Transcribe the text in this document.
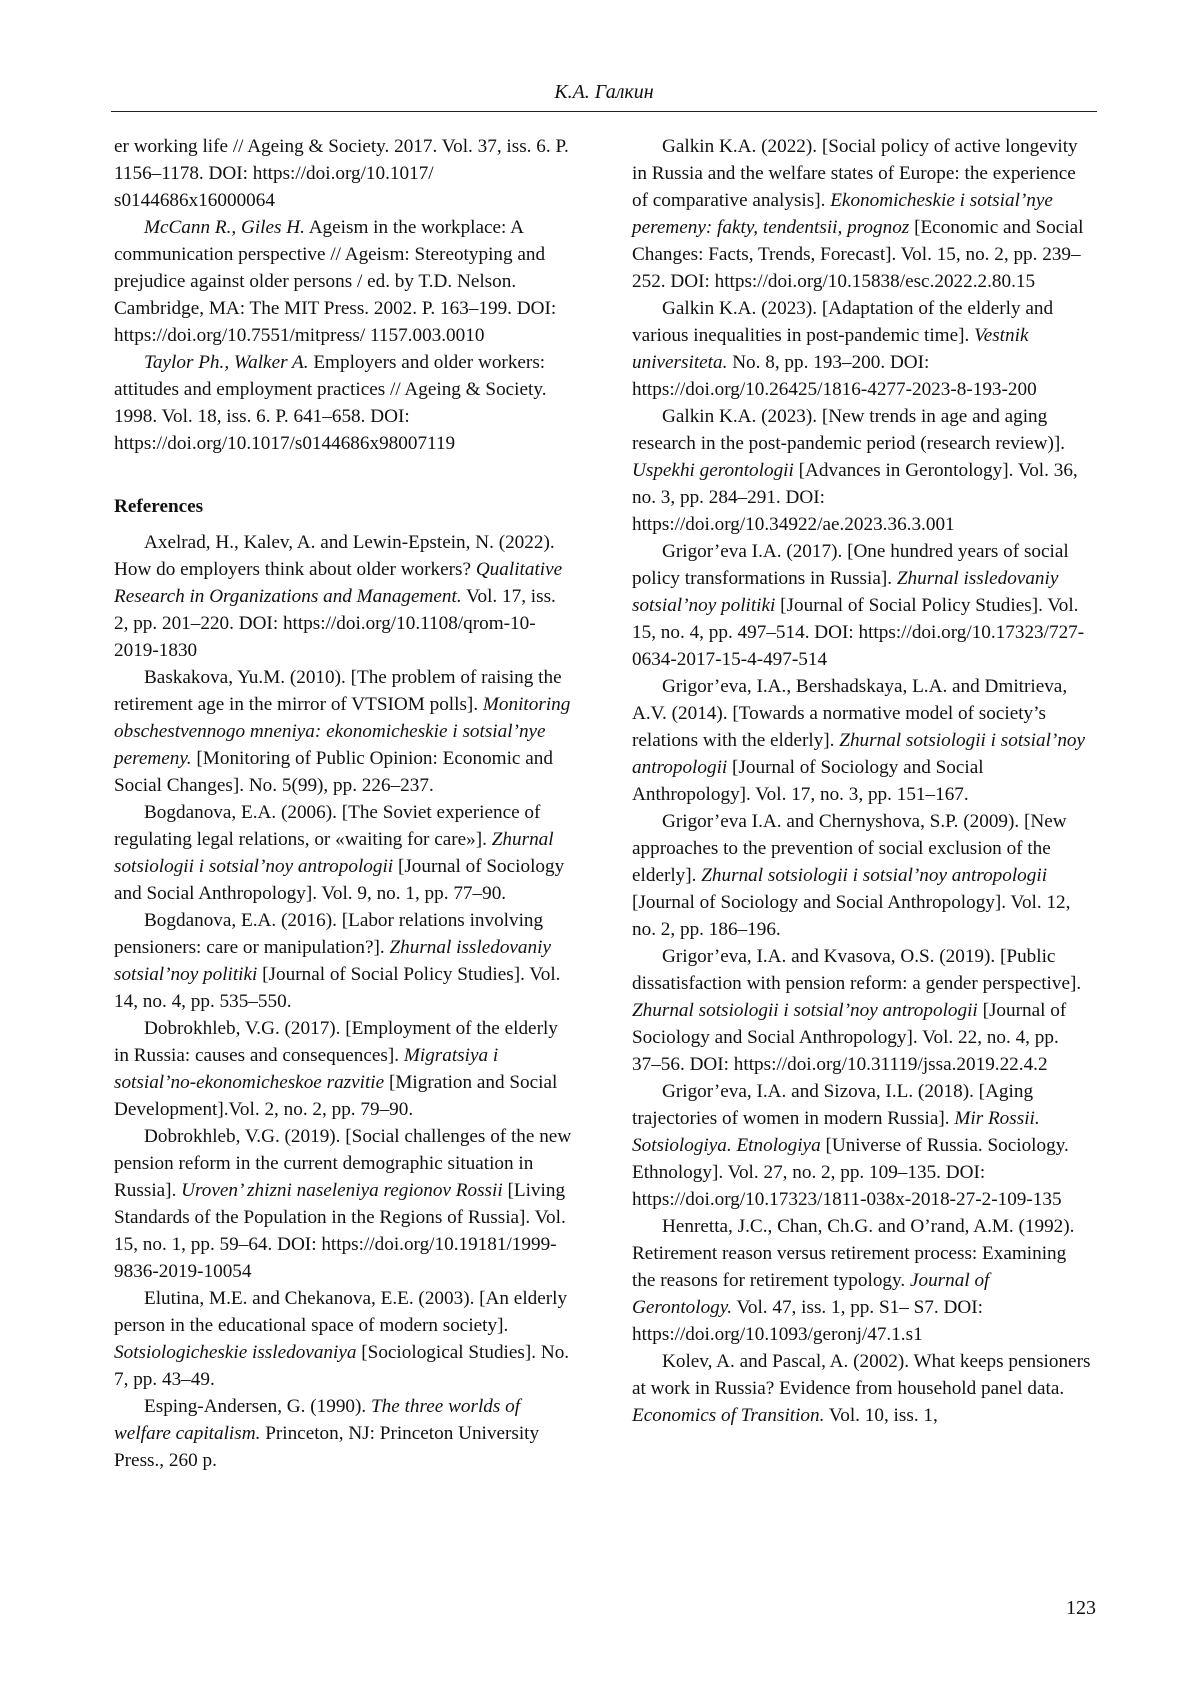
К.А. Галкин

er working life // Ageing & Society. 2017. Vol. 37, iss. 6. P. 1156–1178. DOI: https://doi.org/10.1017/ s0144686x16000064

McCann R., Giles H. Ageism in the workplace: A communication perspective // Ageism: Stereotyping and prejudice against older persons / ed. by T.D. Nelson. Cambridge, MA: The MIT Press. 2002. P. 163–199. DOI: https://doi.org/10.7551/mitpress/ 1157.003.0010

Taylor Ph., Walker A. Employers and older workers: attitudes and employment practices // Ageing & Society. 1998. Vol. 18, iss. 6. P. 641–658. DOI: https://doi.org/10.1017/s0144686x98007119

References

Axelrad, H., Kalev, A. and Lewin-Epstein, N. (2022). How do employers think about older workers? Qualitative Research in Organizations and Management. Vol. 17, iss. 2, pp. 201–220. DOI: https://doi.org/10.1108/qrom-10-2019-1830

Baskakova, Yu.M. (2010). [The problem of raising the retirement age in the mirror of VTSIOM polls]. Monitoring obschestvennogo mneniya: ekonomicheskie i sotsial’nye peremeny. [Monitoring of Public Opinion: Economic and Social Changes]. No. 5(99), pp. 226–237.

Bogdanova, E.A. (2006). [The Soviet experience of regulating legal relations, or «waiting for care»]. Zhurnal sotsiologii i sotsial’noy antropologii [Journal of Sociology and Social Anthropology]. Vol. 9, no. 1, pp. 77–90.

Bogdanova, E.A. (2016). [Labor relations involving pensioners: care or manipulation?]. Zhurnal issledovaniy sotsial’noy politiki [Journal of Social Policy Studies]. Vol. 14, no. 4, pp. 535–550.

Dobrokhleb, V.G. (2017). [Employment of the elderly in Russia: causes and consequences]. Migratsiya i sotsial’no-ekonomicheskoe razvitie [Migration and Social Development].Vol. 2, no. 2, pp. 79–90.

Dobrokhleb, V.G. (2019). [Social challenges of the new pension reform in the current demographic situation in Russia]. Uroven’ zhizni naseleniya regionov Rossii [Living Standards of the Population in the Regions of Russia]. Vol. 15, no. 1, pp. 59–64. DOI: https://doi.org/10.19181/1999-9836-2019-10054

Elutina, M.E. and Chekanova, E.E. (2003). [An elderly person in the educational space of modern society]. Sotsiologicheskie issledovaniya [Sociological Studies]. No. 7, pp. 43–49.

Esping-Andersen, G. (1990). The three worlds of welfare capitalism. Princeton, NJ: Princeton University Press., 260 p.

Galkin K.A. (2022). [Social policy of active longevity in Russia and the welfare states of Europe: the experience of comparative analysis]. Ekonomicheskie i sotsial’nye peremeny: fakty, tendentsii, prognoz [Economic and Social Changes: Facts, Trends, Forecast]. Vol. 15, no. 2, pp. 239–252. DOI: https://doi.org/10.15838/esc.2022.2.80.15

Galkin K.A. (2023). [Adaptation of the elderly and various inequalities in post-pandemic time]. Vestnik universiteta. No. 8, pp. 193–200. DOI: https://doi.org/10.26425/1816-4277-2023-8-193-200

Galkin K.A. (2023). [New trends in age and aging research in the post-pandemic period (research review)]. Uspekhi gerontologii [Advances in Gerontology]. Vol. 36, no. 3, pp. 284–291. DOI: https://doi.org/10.34922/ae.2023.36.3.001

Grigor’eva I.A. (2017). [One hundred years of social policy transformations in Russia]. Zhurnal issledovaniy sotsial’noy politiki [Journal of Social Policy Studies]. Vol. 15, no. 4, pp. 497–514. DOI: https://doi.org/10.17323/727-0634-2017-15-4-497-514

Grigor’eva, I.A., Bershadskaya, L.A. and Dmitrieva, A.V. (2014). [Towards a normative model of society’s relations with the elderly]. Zhurnal sotsiologii i sotsial’noy antropologii [Journal of Sociology and Social Anthropology]. Vol. 17, no. 3, pp. 151–167.

Grigor’eva I.A. and Chernyshova, S.P. (2009). [New approaches to the prevention of social exclusion of the elderly]. Zhurnal sotsiologii i sotsial’noy antropologii [Journal of Sociology and Social Anthropology]. Vol. 12, no. 2, pp. 186–196.

Grigor’eva, I.A. and Kvasova, O.S. (2019). [Public dissatisfaction with pension reform: a gender perspective]. Zhurnal sotsiologii i sotsial’noy antropologii [Journal of Sociology and Social Anthropology]. Vol. 22, no. 4, pp. 37–56. DOI: https://doi.org/10.31119/jssa.2019.22.4.2

Grigor’eva, I.A. and Sizova, I.L. (2018). [Aging trajectories of women in modern Russia]. Mir Rossii. Sotsiologiya. Etnologiya [Universe of Russia. Sociology. Ethnology]. Vol. 27, no. 2, pp. 109–135. DOI: https://doi.org/10.17323/1811-038x-2018-27-2-109-135

Henretta, J.C., Chan, Ch.G. and O’rand, A.M. (1992). Retirement reason versus retirement process: Examining the reasons for retirement typology. Journal of Gerontology. Vol. 47, iss. 1, pp. S1– S7. DOI: https://doi.org/10.1093/geronj/47.1.s1

Kolev, A. and Pascal, A. (2002). What keeps pensioners at work in Russia? Evidence from household panel data. Economics of Transition. Vol. 10, iss. 1,

123
